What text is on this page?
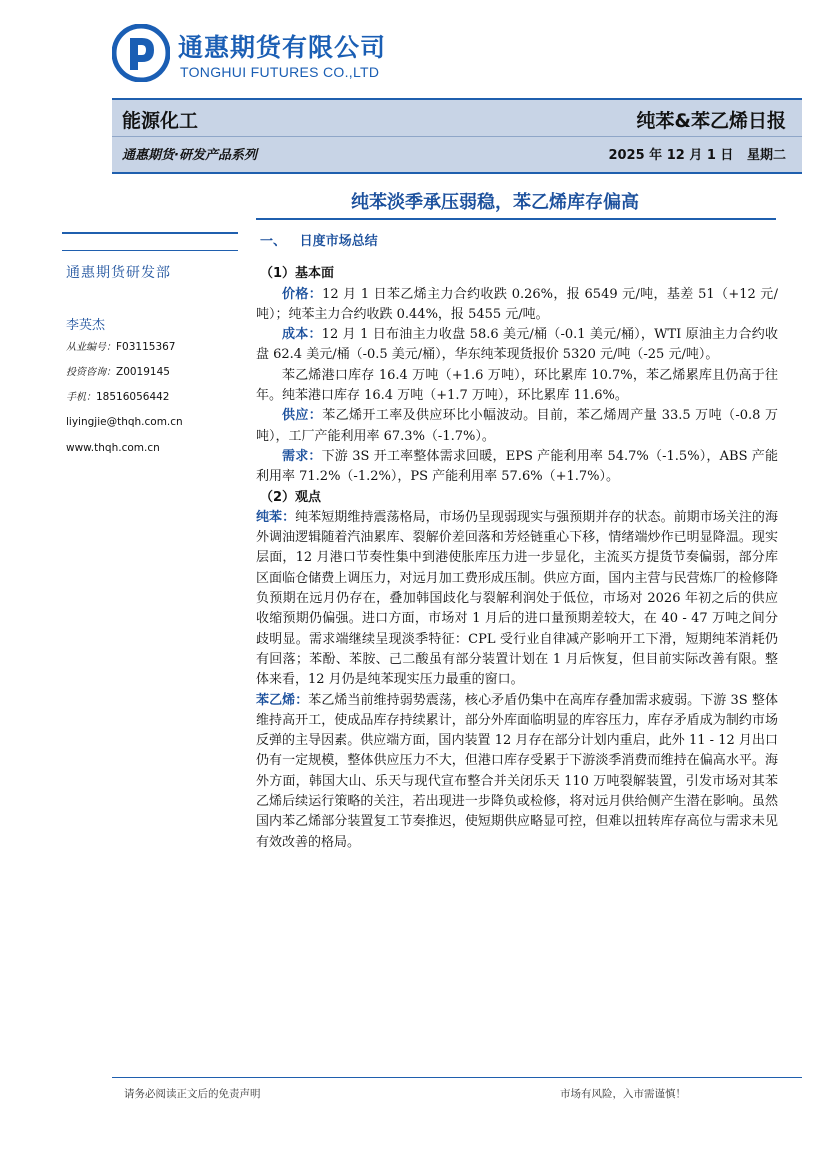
通惠期货有限公司
TONGHUI FUTURES CO.,LTD
能源化工	纯苯&苯乙烯日报
通惠期货·研发产品系列	2025 年 12 月 1 日   星期二
纯苯淡季承压弱稳，苯乙烯库存偏高
通惠期货研发部
李英杰
从业编号：F03115367
投资咨询：Z0019145
手机：18516056442
liyingjie@thqh.com.cn
www.thqh.com.cn

一、   日度市场总结

（1）基本面

价格：12 月 1 日苯乙烯主力合约收跌 0.26%，报 6549 元/吨，基差 51（+12 元/吨）；纯苯主力合约收跌 0.44%，报 5455 元/吨。

成本：12 月 1 日布油主力收盘 58.6 美元/桶（-0.1 美元/桶），WTI 原油主力合约收盘 62.4 美元/桶（-0.5 美元/桶），华东纯苯现货报价 5320 元/吨（-25 元/吨）。

苯乙烯港口库存 16.4 万吨（+1.6 万吨），环比累库 10.7%，苯乙烯累库且仍高于往年。纯苯港口库存 16.4 万吨（+1.7 万吨），环比累库 11.6%。

供应：苯乙烯开工率及供应环比小幅波动。目前，苯乙烯周产量 33.5 万吨（-0.8 万吨），工厂产能利用率 67.3%（-1.7%）。

需求：下游 3S 开工率整体需求回暖，EPS 产能利用率 54.7%（-1.5%），ABS 产能利用率 71.2%（-1.2%），PS 产能利用率 57.6%（+1.7%）。

（2）观点

纯苯：纯苯短期维持震荡格局，市场仍呈现弱现实与强预期并存的状态。前期市场关注的海外调油逻辑随着汽油累库、裂解价差回落和芳烃链重心下移，情绪端炒作已明显降温。现实层面，12 月港口节奏性集中到港使胀库压力进一步显化，主流买方提货节奏偏弱，部分库区面临仓储费上调压力，对远月加工费形成压制。供应方面，国内主营与民营炼厂的检修降负预期在远月仍存在，叠加韩国歧化与裂解利润处于低位，市场对 2026 年初之后的供应收缩预期仍偏强。进口方面，市场对 1 月后的进口量预期差较大，在 40 - 47 万吨之间分歧明显。需求端继续呈现淡季特征：CPL 受行业自律减产影响开工下滑，短期纯苯消耗仍有回落；苯酚、苯胺、己二酸虽有部分装置计划在 1 月后恢复，但目前实际改善有限。整体来看，12 月仍是纯苯现实压力最重的窗口。

苯乙烯：苯乙烯当前维持弱势震荡，核心矛盾仍集中在高库存叠加需求疲弱。下游 3S 整体维持高开工，使成品库存持续累计，部分外库面临明显的库容压力，库存矛盾成为制约市场反弹的主导因素。供应端方面，国内装置 12 月存在部分计划内重启，此外 11 - 12 月出口仍有一定规模，整体供应压力不大，但港口库存受累于下游淡季消费而维持在偏高水平。海外方面，韩国大山、乐天与现代宣布整合并关闭乐天 110 万吨裂解装置，引发市场对其苯乙烯后续运行策略的关注，若出现进一步降负或检修，将对远月供给侧产生潜在影响。虽然国内苯乙烯部分装置复工节奏推迟，使短期供应略显可控，但难以扭转库存高位与需求未见有效改善的格局。

请务必阅读正文后的免责声明	市场有风险，入市需谨慎！
